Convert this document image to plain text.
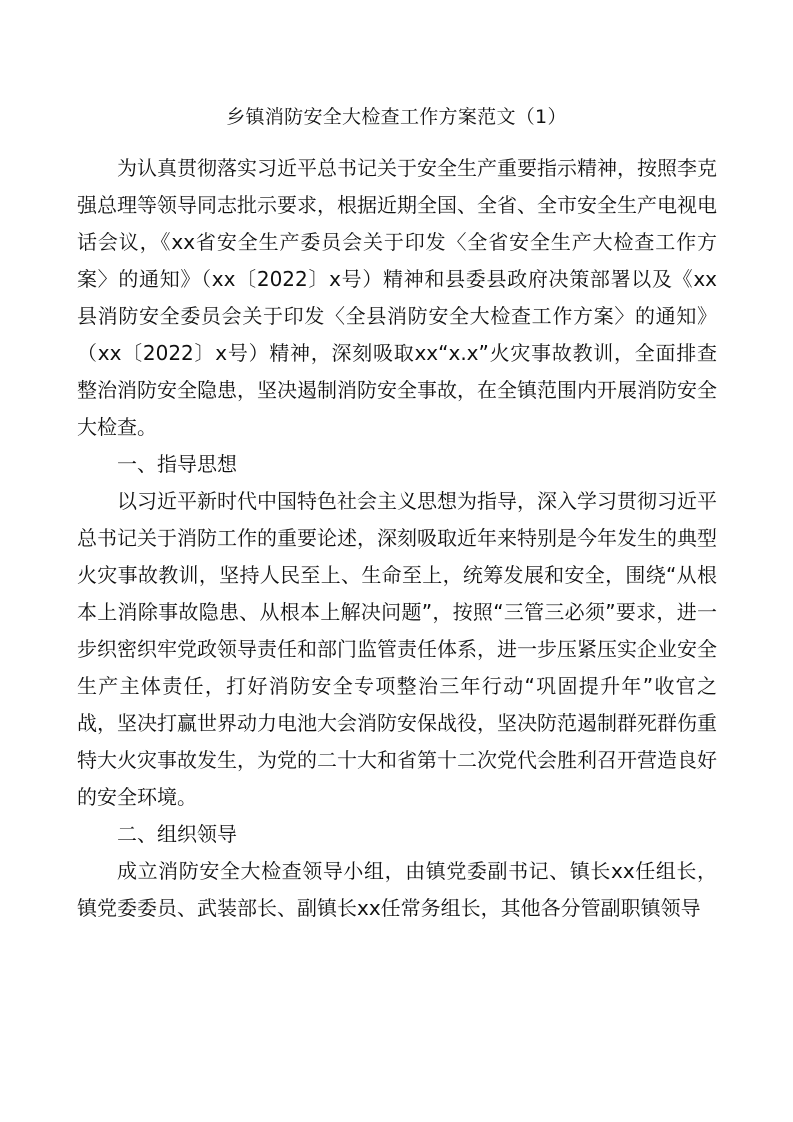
乡镇消防安全大检查工作方案范文（1）

为认真贯彻落实习近平总书记关于安全生产重要指示精神，按照李克强总理等领导同志批示要求，根据近期全国、全省、全市安全生产电视电话会议，《xx省安全生产委员会关于印发〈全省安全生产大检查工作方案〉的通知》（xx〔2022〕x号）精神和县委县政府决策部署以及《xx县消防安全委员会关于印发〈全县消防安全大检查工作方案〉的通知》（xx〔2022〕x号）精神，深刻吸取xx“x.x”火灾事故教训，全面排查整治消防安全隐患，坚决遏制消防安全事故，在全镇范围内开展消防安全大检查。

一、指导思想

以习近平新时代中国特色社会主义思想为指导，深入学习贯彻习近平总书记关于消防工作的重要论述，深刻吸取近年来特别是今年发生的典型火灾事故教训，坚持人民至上、生命至上，统筹发展和安全，围绕“从根本上消除事故隐患、从根本上解决问题”，按照“三管三必须”要求，进一步织密织牢党政领导责任和部门监管责任体系，进一步压紧压实企业安全生产主体责任，打好消防安全专项整治三年行动“巩固提升年”收官之战，坚决打赢世界动力电池大会消防安保战役，坚决防范遏制群死群伤重特大火灾事故发生，为党的二十大和省第十二次党代会胜利召开营造良好的安全环境。

二、组织领导

成立消防安全大检查领导小组，由镇党委副书记、镇长xx任组长，镇党委委员、武装部长、副镇长xx任常务组长，其他各分管副职镇领导
